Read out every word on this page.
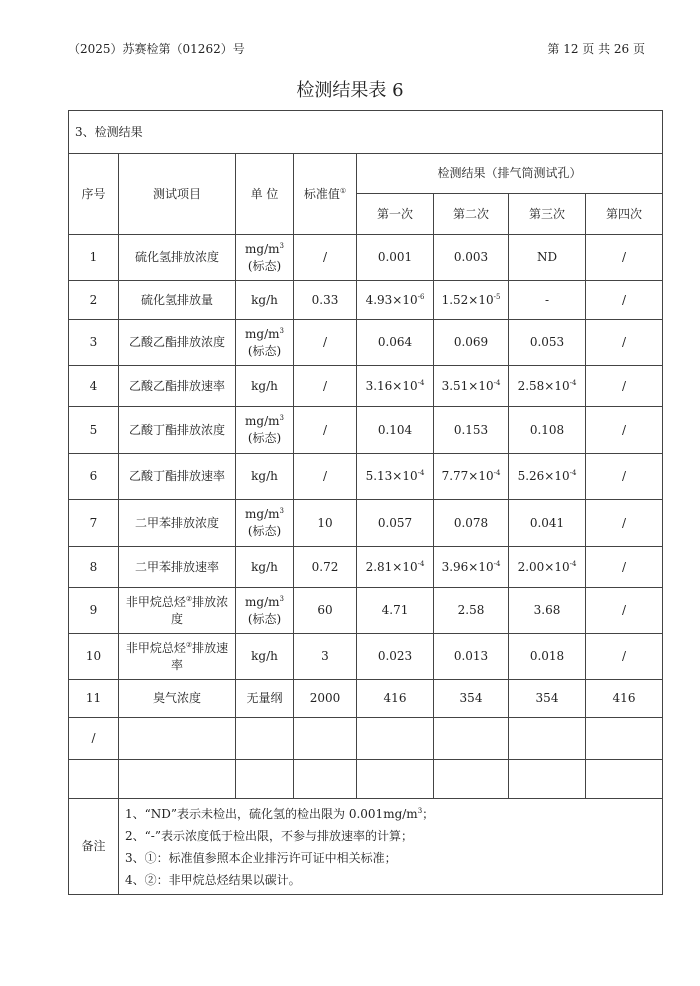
（2025）苏赛检第（01262）号	第 12 页 共 26 页
检测结果表 6
3、检测结果							
序号	测试项目	单 位	标准值①	检测结果（排气筒测试孔）			
				第一次	第二次	第三次	第四次
1	硫化氢排放浓度	$mg/m^3$
(标态)	/	0.001	0.003	ND	/
2	硫化氢排放量	kg/h	0.33	$4.93\times 10^{-6}$	$1.52\times 10^{-5}$	-	/
3	乙酸乙酯排放浓度	$mg/m^3$
(标态)	/	0.064	0.069	0.053	/
4	乙酸乙酯排放速率	kg/h	/	$3.16\times 10^{-4}$	$3.51\times 10^{-4}$	$2.58\times 10^{-4}$	/
5	乙酸丁酯排放浓度	$mg/m^3$
(标态)	/	0.104	0.153	0.108	/
6	乙酸丁酯排放速率	kg/h	/	$5.13\times 10^{-4}$	$7.77\times 10^{-4}$	$5.26\times 10^{-4}$	/
7	二甲苯排放浓度	$mg/m^3$
(标态)	10	0.057	0.078	0.041	/
8	二甲苯排放速率	kg/h	0.72	$2.81\times 10^{-4}$	$3.96\times 10^{-4}$	$2.00\times 10^{-4}$	/
9	非甲烷总烃②排放浓度	$mg/m^3$
(标态)	60	4.71	2.58	3.68	/
10	非甲烷总烃②排放速率	kg/h	3	0.023	0.013	0.018	/
11	臭气浓度	无量纲	2000	416	354	354	416
/							

备注	1、“ND”表示未检出，硫化氢的检出限为 $0.001mg/m^3$；
2、“-”表示浓度低于检出限，不参与排放速率的计算；
3、①：标准值参照本企业排污许可证中相关标准；
4、②：非甲烷总烃结果以碳计。						
